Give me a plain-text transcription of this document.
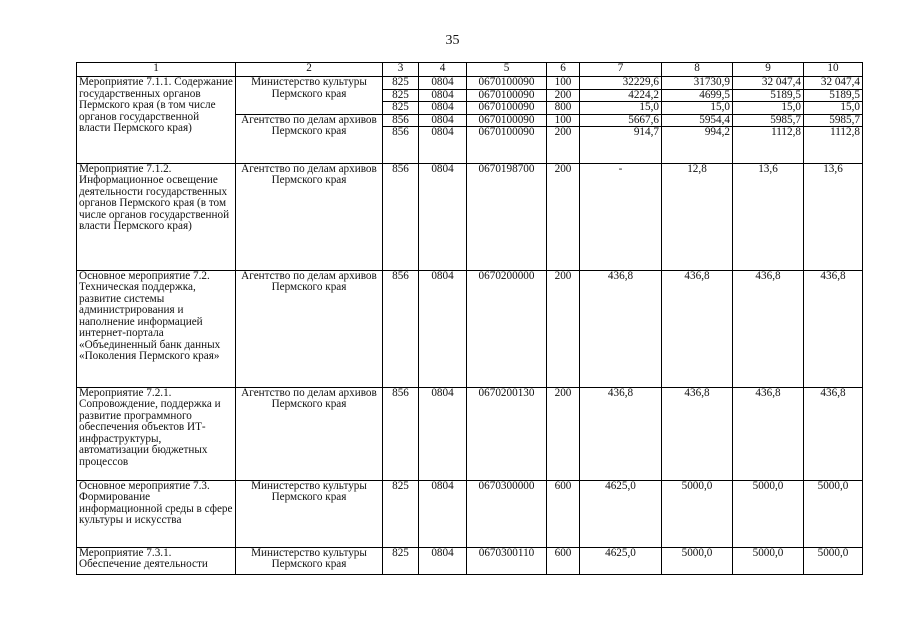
35
1	2	3	4	5	6	7	8	9	10
Мероприятие 7.1.1. Содержание государственных органов Пермского края (в том числе органов государственной власти Пермского края)	Министерство культуры Пермского края	825	0804	0670100090	100	32229,6	31730,9	32 047,4	32 047,4
		825	0804	0670100090	200	4224,2	4699,5	5189,5	5189,5
		825	0804	0670100090	800	15,0	15,0	15,0	15,0
	Агентство по делам архивов Пермского края	856	0804	0670100090	100	5667,6	5954,4	5985,7	5985,7
		856	0804	0670100090	200	914,7	994,2	1112,8	1112,8
Мероприятие 7.1.2. Информационное освещение деятельности государственных органов Пермского края (в том числе органов государственной власти Пермского края)	Агентство по делам архивов Пермского края	856	0804	0670198700	200	-	12,8	13,6	13,6
Основное мероприятие 7.2. Техническая поддержка, развитие системы администрирования и наполнение информацией интернет-портала «Объединенный банк данных «Поколения Пермского края»	Агентство по делам архивов Пермского края	856	0804	0670200000	200	436,8	436,8	436,8	436,8
Мероприятие 7.2.1. Сопровождение, поддержка и развитие программного обеспечения объектов ИТ-инфраструктуры, автоматизации бюджетных процессов	Агентство по делам архивов Пермского края	856	0804	0670200130	200	436,8	436,8	436,8	436,8
Основное мероприятие 7.3. Формирование информационной среды в сфере культуры и искусства	Министерство культуры Пермского края	825	0804	0670300000	600	4625,0	5000,0	5000,0	5000,0
Мероприятие 7.3.1. Обеспечение деятельности	Министерство культуры Пермского края	825	0804	0670300110	600	4625,0	5000,0	5000,0	5000,0
